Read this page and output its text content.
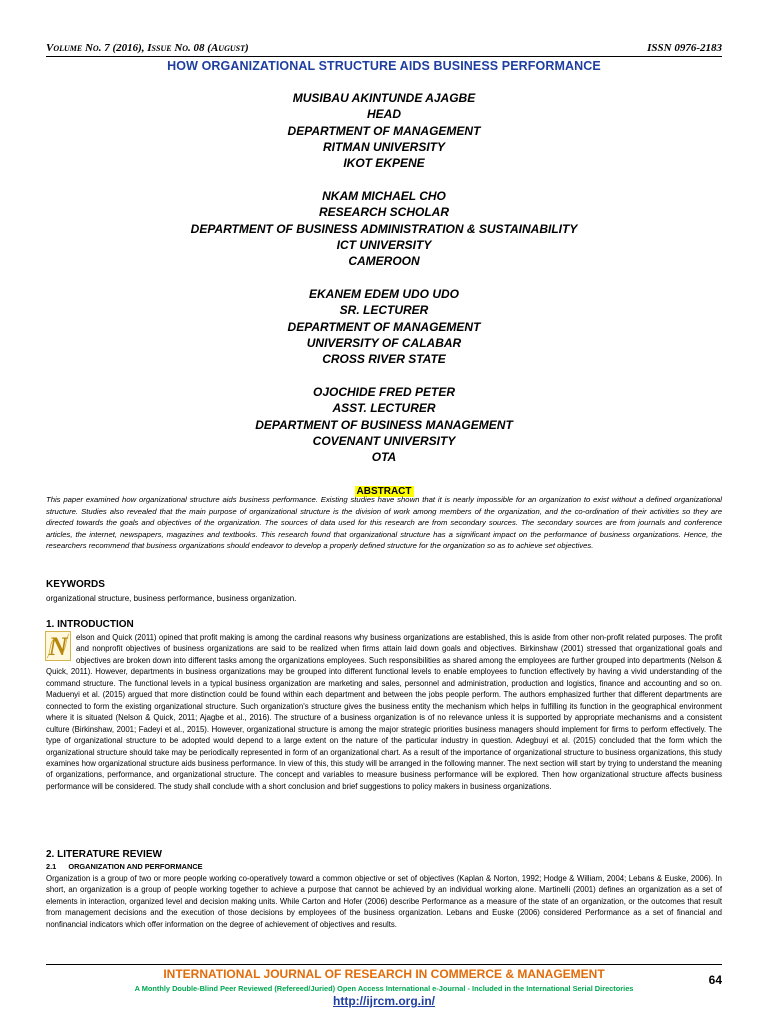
Volume No. 7 (2016), Issue No. 08 (August)	ISSN 0976-2183
HOW ORGANIZATIONAL STRUCTURE AIDS BUSINESS PERFORMANCE
MUSIBAU AKINTUNDE AJAGBE
HEAD
DEPARTMENT OF MANAGEMENT
RITMAN UNIVERSITY
IKOT EKPENE
NKAM MICHAEL CHO
RESEARCH SCHOLAR
DEPARTMENT OF BUSINESS ADMINISTRATION & SUSTAINABILITY
ICT UNIVERSITY
CAMEROON
EKANEM EDEM UDO UDO
SR. LECTURER
DEPARTMENT OF MANAGEMENT
UNIVERSITY OF CALABAR
CROSS RIVER STATE
OJOCHIDE FRED PETER
ASST. LECTURER
DEPARTMENT OF BUSINESS MANAGEMENT
COVENANT UNIVERSITY
OTA
ABSTRACT
This paper examined how organizational structure aids business performance. Existing studies have shown that it is nearly impossible for an organization to exist without a defined organizational structure. Studies also revealed that the main purpose of organizational structure is the division of work among members of the organization, and the co-ordination of their activities so they are directed towards the goals and objectives of the organization. The sources of data used for this research are from secondary sources. The secondary sources are from journals and conference articles, the internet, newspapers, magazines and textbooks. This research found that organizational structure has a significant impact on the performance of business organizations. Hence, the researchers recommend that business organizations should endeavor to develop a properly defined structure for the organization so as to achieve set objectives.
KEYWORDS
organizational structure, business performance, business organization.
1. INTRODUCTION
N elson and Quick (2011) opined that profit making is among the cardinal reasons why business organizations are established, this is aside from other non-profit related purposes. The profit and nonprofit objectives of business organizations are said to be realized when firms attain laid down goals and objectives. Birkinshaw (2001) stressed that organizational goals and objectives are broken down into different tasks among the organizations employees. Such responsibilities as shared among the employees are further grouped into departments (Nelson & Quick, 2011). However, departments in business organizations may be grouped into different functional levels to enable employees to function effectively by having a vivid understanding of the command structure. The functional levels in a typical business organization are marketing and sales, personnel and administration, production and logistics, finance and accounting and so on. Maduenyi et al. (2015) argued that more distinction could be found within each department and between the jobs people perform. The authors emphasized further that different departments are connected to form the existing organizational structure. Such organization's structure gives the business entity the mechanism which helps in fulfilling its function in the geographical environment where it is situated (Nelson & Quick, 2011; Ajagbe et al., 2016). The structure of a business organization is of no relevance unless it is supported by appropriate mechanisms and a consistent culture (Birkinshaw, 2001; Fadeyi et al., 2015). However, organizational structure is among the major strategic priorities business managers should implement for firms to perform effectively. The type of organizational structure to be adopted would depend to a large extent on the nature of the particular industry in question. Adegbuyi et al. (2015) concluded that the form which the organizational structure should take may be periodically represented in form of an organizational chart. As a result of the importance of organizational structure to business organizations, this study examines how organizational structure aids business performance. In view of this, this study will be arranged in the following manner. The next section will start by trying to understand the meaning of organizations, performance, and organizational structure. The concept and variables to measure business performance will be explored. Then how organizational structure affects business performance will be considered. The study shall conclude with a short conclusion and brief suggestions to policy makers in business organizations.
2. LITERATURE REVIEW
2.1 ORGANIZATION AND PERFORMANCE
Organization is a group of two or more people working co-operatively toward a common objective or set of objectives (Kaplan & Norton, 1992; Hodge & William, 2004; Lebans & Euske, 2006). In short, an organization is a group of people working together to achieve a purpose that cannot be achieved by an individual working alone. Martinelli (2001) defines an organization as a set of elements in interaction, organized level and decision making units. While Carton and Hofer (2006) describe Performance as a measure of the state of an organization, or the outcomes that result from management decisions and the execution of those decisions by employees of the business organization. Lebans and Euske (2006) considered Performance as a set of financial and nonfinancial indicators which offer information on the degree of achievement of objectives and results.
INTERNATIONAL JOURNAL OF RESEARCH IN COMMERCE & MANAGEMENT
A Monthly Double-Blind Peer Reviewed (Refereed/Juried) Open Access International e-Journal - Included in the International Serial Directories
http://ijrcm.org.in/
64
